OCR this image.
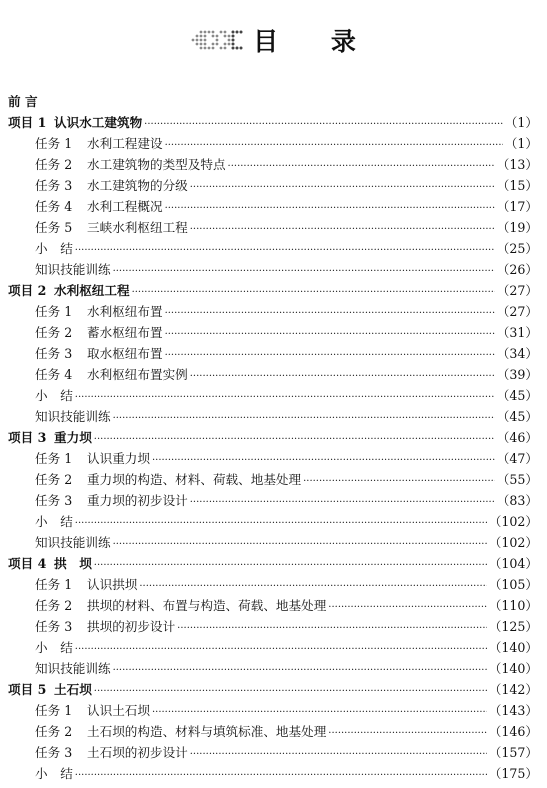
目 录
前 言
项目 1 认识水工建筑物 ·····	（1）
任务 1 水利工程建设 ·····	（1）
任务 2 水工建筑物的类型及特点 ·····	（13）
任务 3 水工建筑物的分级 ·····	（15）
任务 4 水利工程概况 ·····	（17）
任务 5 三峡水利枢纽工程 ·····	（19）
小　结 ·····	（25）
知识技能训练 ·····	（26）
项目 2 水利枢纽工程 ·····	（27）
任务 1 水利枢纽布置 ·····	（27）
任务 2 蓄水枢纽布置 ·····	（31）
任务 3 取水枢纽布置 ·····	（34）
任务 4 水利枢纽布置实例 ·····	（39）
小　结 ·····	（45）
知识技能训练 ·····	（45）
项目 3 重力坝 ·····	（46）
任务 1 认识重力坝 ·····	（47）
任务 2 重力坝的构造、材料、荷载、地基处理 ·····	（55）
任务 3 重力坝的初步设计 ·····	（83）
小　结 ·····	（102）
知识技能训练 ·····	（102）
项目 4 拱　坝 ·····	（104）
任务 1 认识拱坝 ·····	（105）
任务 2 拱坝的材料、布置与构造、荷载、地基处理 ·····	（110）
任务 3 拱坝的初步设计 ·····	（125）
小　结 ·····	（140）
知识技能训练 ·····	（140）
项目 5 土石坝 ·····	（142）
任务 1 认识土石坝 ·····	（143）
任务 2 土石坝的构造、材料与填筑标准、地基处理 ·····	（146）
任务 3 土石坝的初步设计 ·····	（157）
小　结 ·····	（175）
